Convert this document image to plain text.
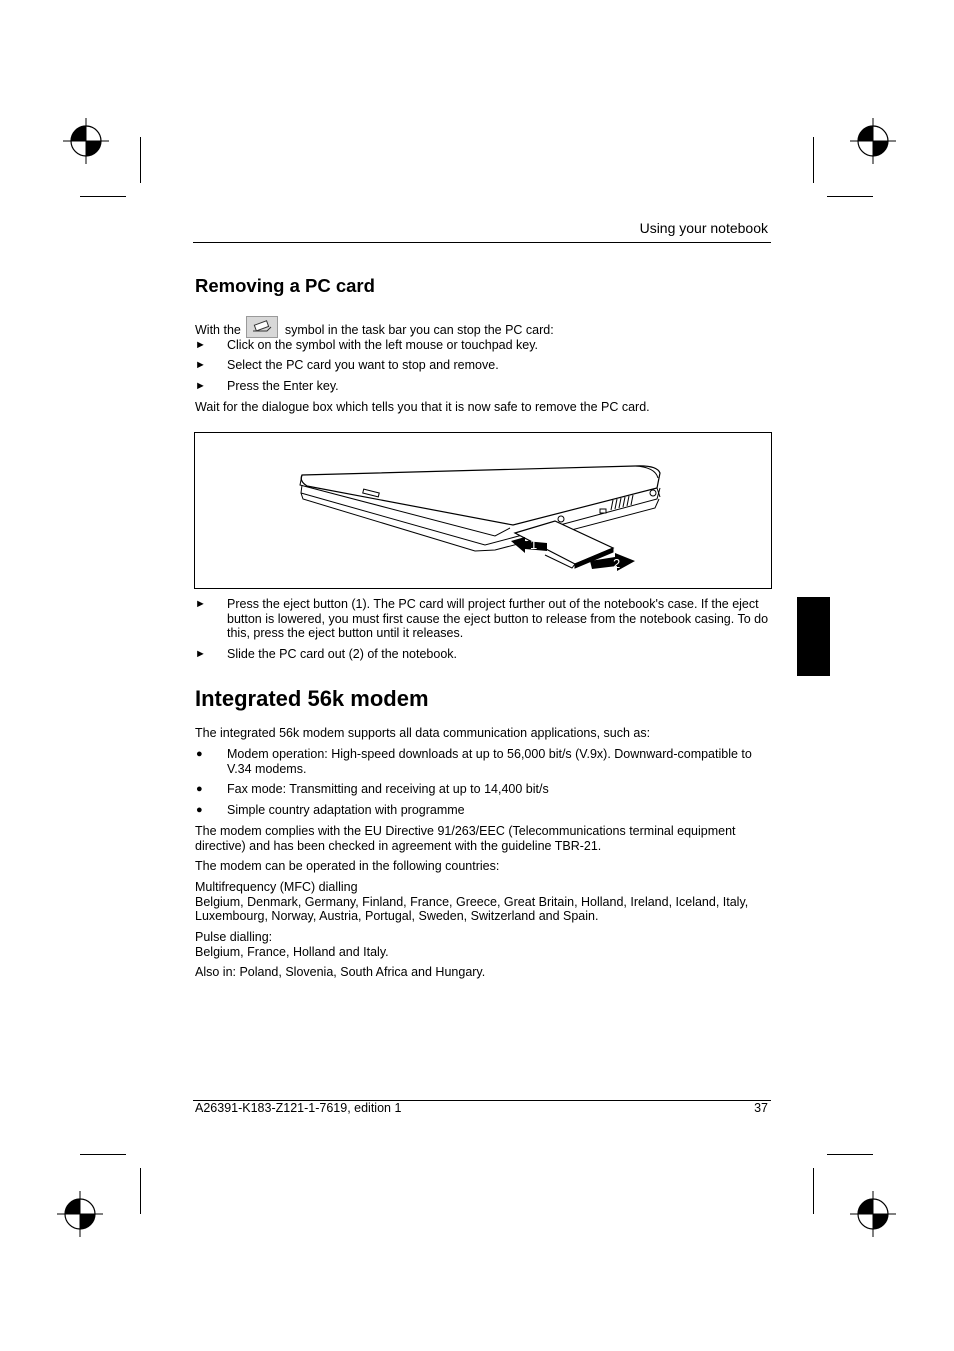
Using your notebook
Removing a PC card
With the	symbol in the task bar you can stop the PC card:
► Click on the symbol with the left mouse or touchpad key.
► Select the PC card you want to stop and remove.
► Press the Enter key.
Wait for the dialogue box which tells you that it is now safe to remove the PC card.
1
2
► Press the eject button (1). The PC card will project further out of the notebook's case. If the eject button is lowered, you must first cause the eject button to release from the notebook casing. To do this, press the eject button until it releases.
► Slide the PC card out (2) of the notebook.
Integrated 56k modem
The integrated 56k modem supports all data communication applications, such as:
● Modem operation: High-speed downloads at up to 56,000 bit/s (V.9x). Downward-compatible to V.34 modems.
● Fax mode: Transmitting and receiving at up to 14,400 bit/s
● Simple country adaptation with programme
The modem complies with the EU Directive 91/263/EEC (Telecommunications terminal equipment directive) and has been checked in agreement with the guideline TBR-21.
The modem can be operated in the following countries:
Multifrequency (MFC) dialling
Belgium, Denmark, Germany, Finland, France, Greece, Great Britain, Holland, Ireland, Iceland, Italy, Luxembourg, Norway, Austria, Portugal, Sweden, Switzerland and Spain.
Pulse dialling:
Belgium, France, Holland and Italy.
Also in: Poland, Slovenia, South Africa and Hungary.
A26391-K183-Z121-1-7619, edition 1	37
